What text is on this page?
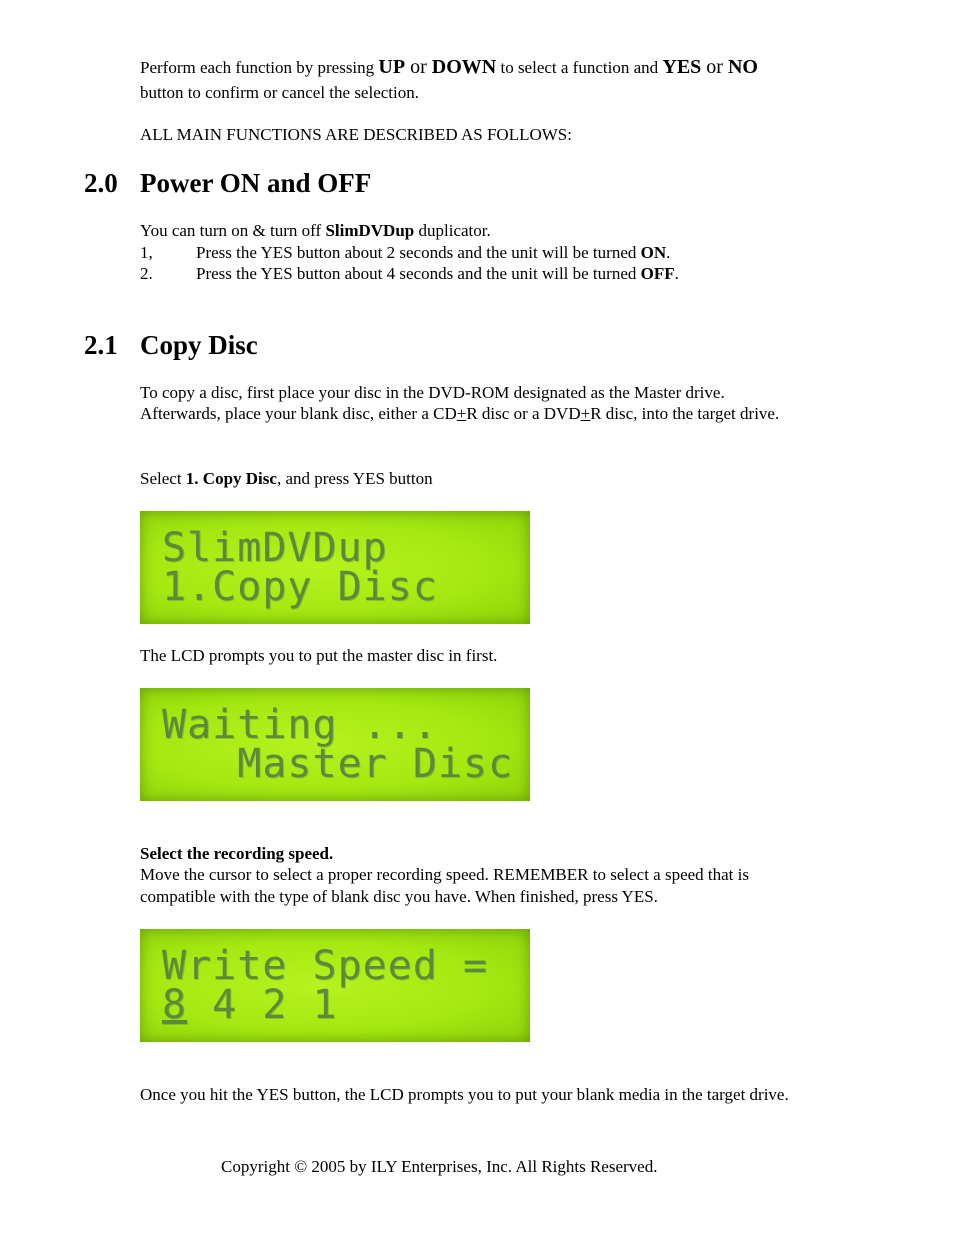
Perform each function by pressing UP or DOWN to select a function and YES or NO
button to confirm or cancel the selection.
ALL MAIN FUNCTIONS ARE DESCRIBED AS FOLLOWS:
2.0 Power ON and OFF
You can turn on & turn off SlimDVDup duplicator.
1,	Press the YES button about 2 seconds and the unit will be turned ON.
2.	Press the YES button about 4 seconds and the unit will be turned OFF.
2.1 Copy Disc
To copy a disc, first place your disc in the DVD-ROM designated as the Master drive.
Afterwards, place your blank disc, either a CD+R disc or a DVD+R disc, into the target drive.
Select 1. Copy Disc, and press YES button
SlimDVDup
1.Copy Disc
The LCD prompts you to put the master disc in first.
Waiting ...
Master Disc
Select the recording speed.
Move the cursor to select a proper recording speed. REMEMBER to select a speed that is
compatible with the type of blank disc you have. When finished, press YES.
Write Speed =
8 4 2 1
Once you hit the YES button, the LCD prompts you to put your blank media in the target drive.
Copyright © 2005 by ILY Enterprises, Inc. All Rights Reserved.
